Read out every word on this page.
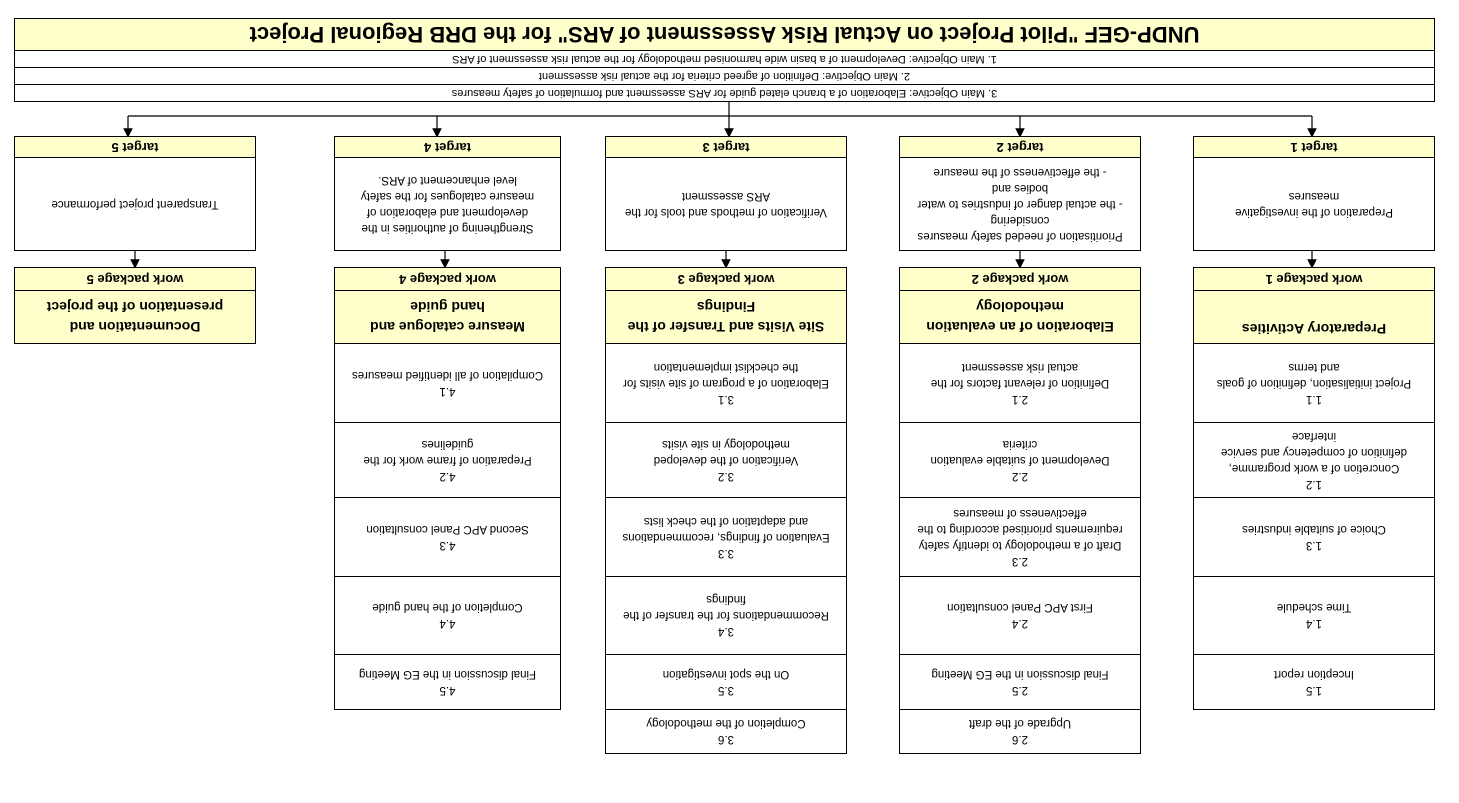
3. Main Objective: Elaboration of a branch elated guide for ARS assessment and formulation of safety measures
2. Main Objective: Definition of agreed criteria for the actual risk assessment
1. Main Objective: Development of a basin wide harmonised methodology for the actual risk assessment of ARS
UNDP-GEF "Pilot Project on Actual Risk Assessment of ARS" for the DRB Regional Project
Preparation of the investigative
measures
target 1
Prioritisation of needed safety measures
considering
- the actual danger of industries to water
bodies and
- the effectiveness of the measure
target 2
Verification of methods and tools for the
ARS assessment
target 3
Strengthening of authorities in the
development and elaboration of
measure catalogues for the safety
level enhancement of ARS.
target 4
Transparent project performance
target 5
1.5
Inception report
1.4
Time schedule
1.3
Choice of suitable industries
1.2
Concretion of a work programme,
definition of competency and service
interface
1.1
Project initialisation, definition of goals
and terms
Preparatory Activities
work package 1
2.6
Upgrade of the draft
2.5
Final discussion in the EG Meeting
2.4
First APC Panel consultation
2.3
Draft of a methodology to identify safety
requirements prioritised according to the
effectiveness of measures
2.2
Development of suitable evaluation
criteria
2.1
Definition of relevant factors for the
actual risk assessment
Elaboration of an evaluation
methodology
work package 2
3.6
Completion of the methodology
3.5
On the spot investigation
3.4
Recommendations for the transfer of the
findings
3.3
Evaluation of findings, recommendations
and adaptation of the check lists
3.2
Verification of the developed
methodology in site visits
3.1
Elaboration of a program of site visits for
the checklist implementation
Site Visits and Transfer of the
Findings
work package 3
4.5
Final discussion in the EG Meeting
4.4
Completion of the hand guide
4.3
Second APC Panel consultation
4.2
Preparation of frame work for the
guidelines
4.1
Compilation of all identified measures
Measure catalogue and
hand guide
work package 4
Documentation and
presentation of the project
work package 5
